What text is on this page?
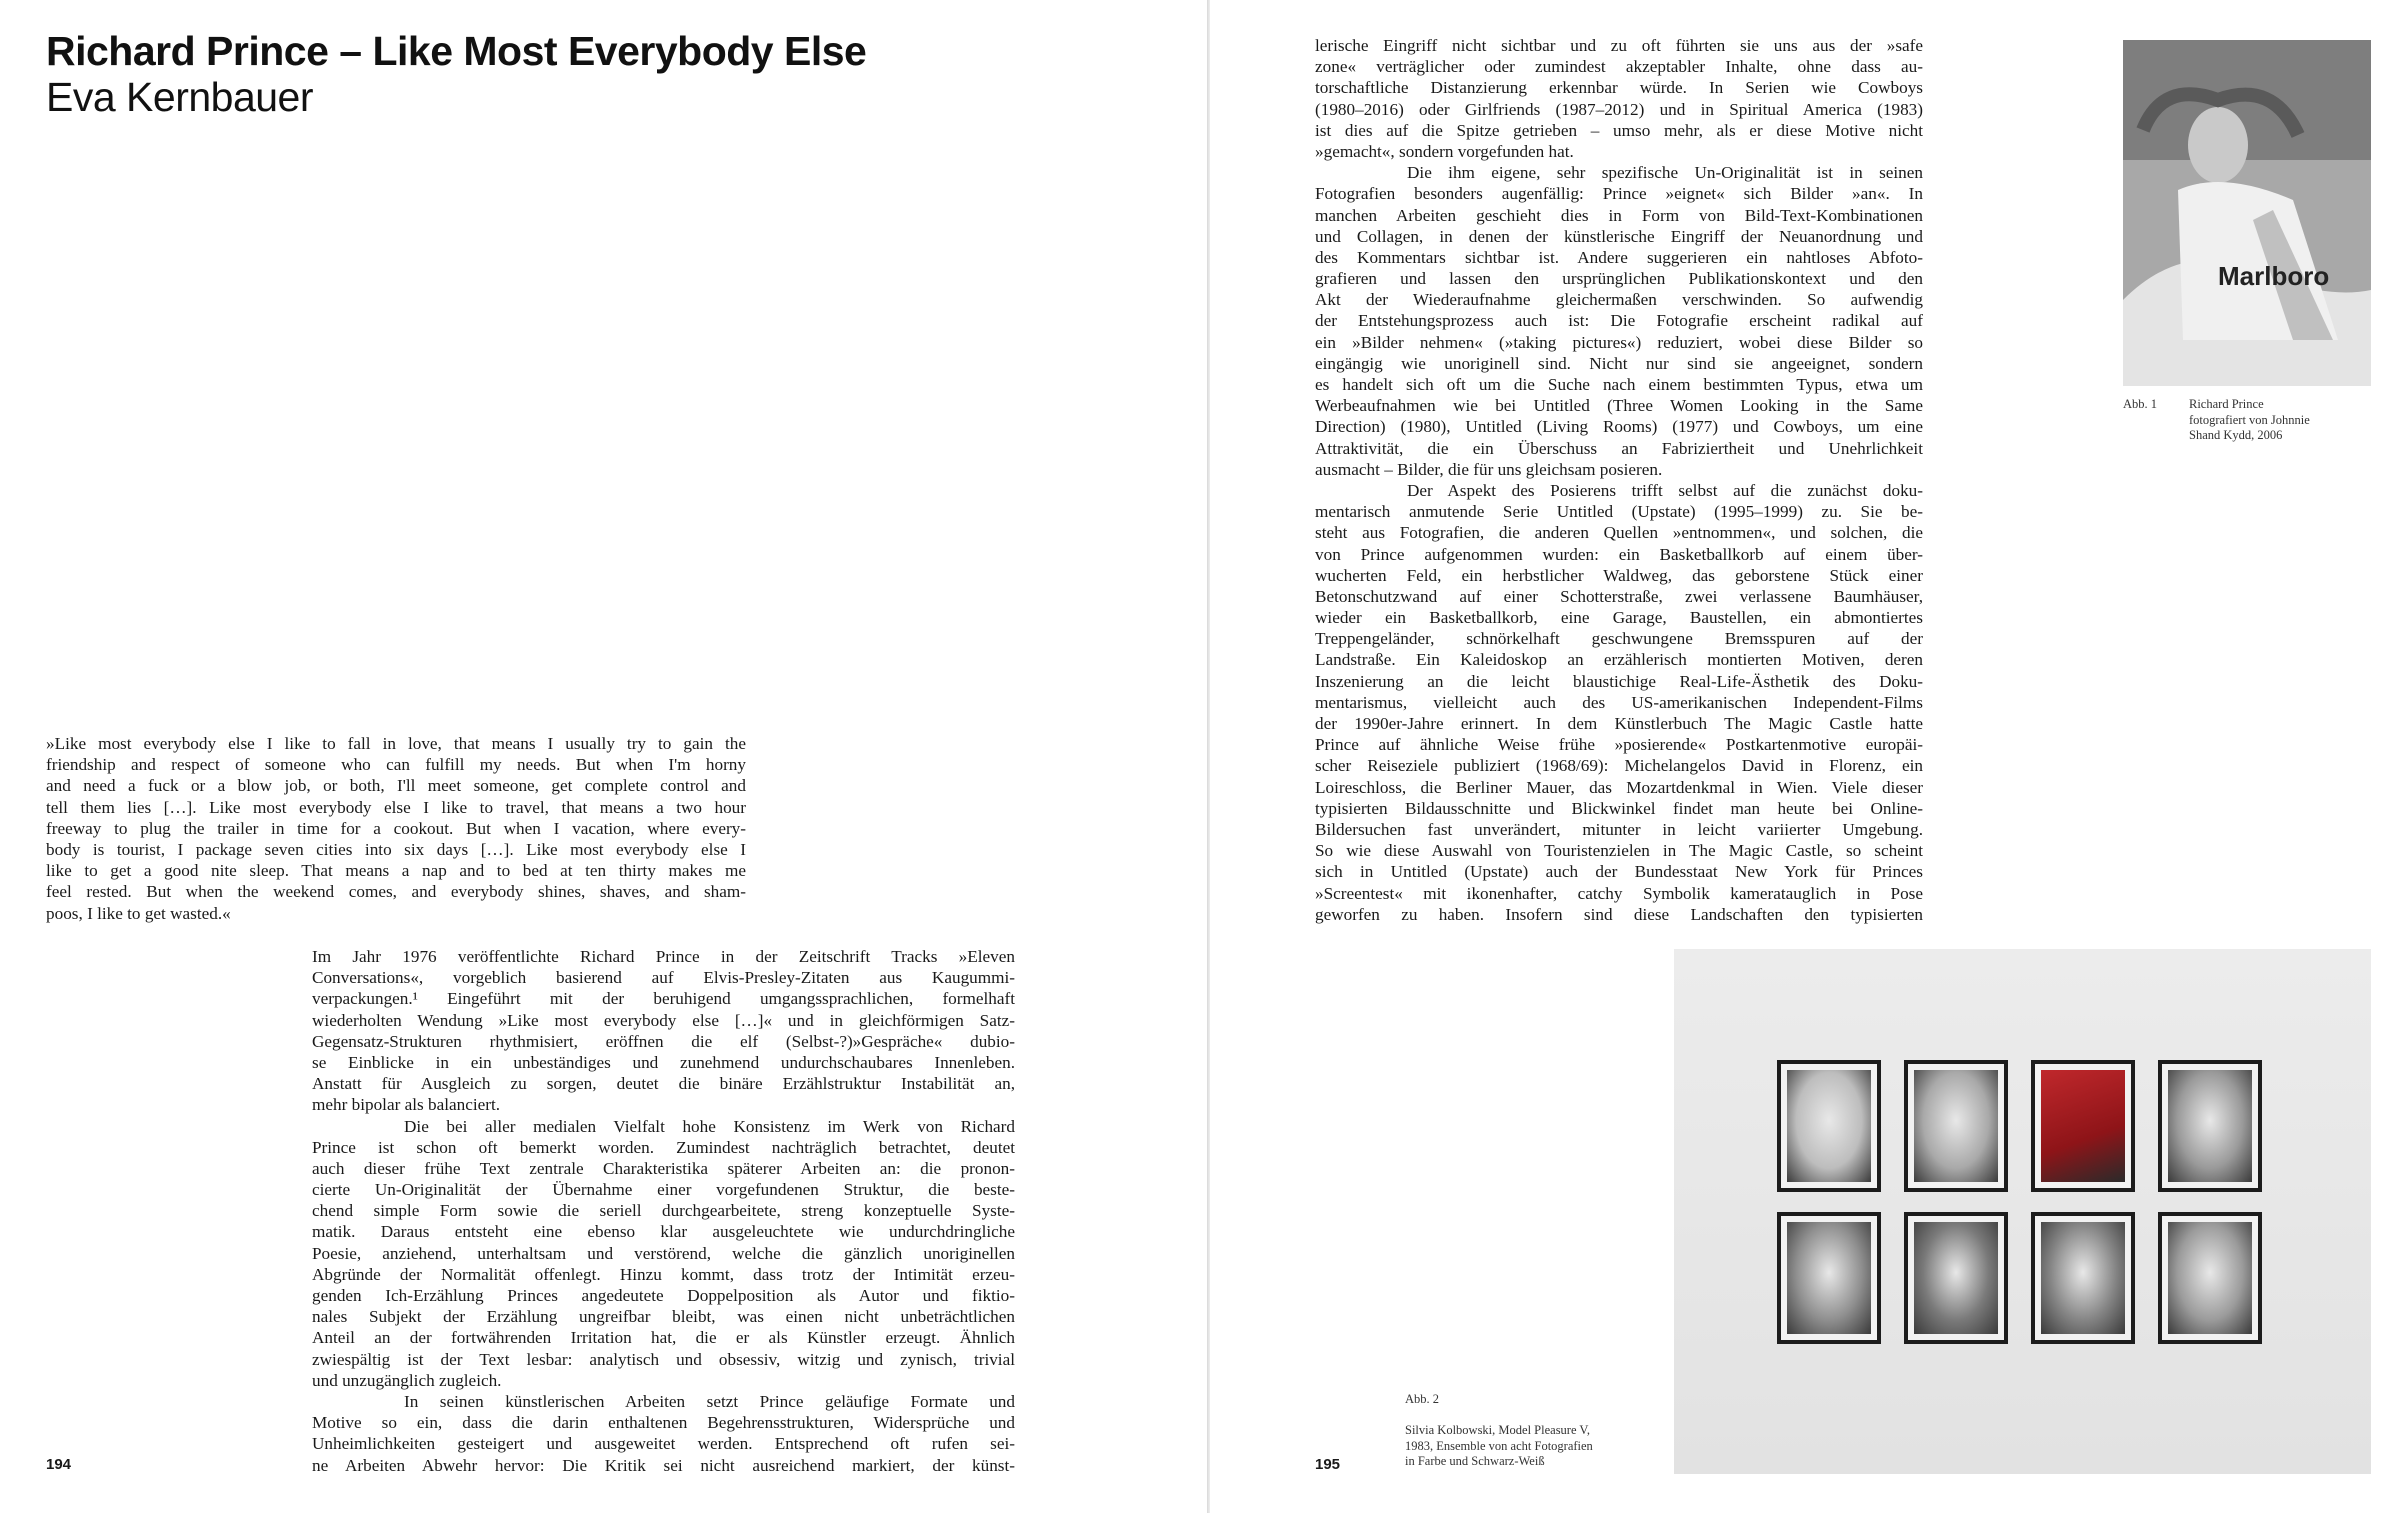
Richard Prince – Like Most Everybody Else
Eva Kernbauer
»Like most everybody else I like to fall in love, that means I usually try to gain the
friendship and respect of someone who can fulfill my needs. But when I'm horny
and need a fuck or a blow job, or both, I'll meet someone, get complete control and
tell them lies […]. Like most everybody else I like to travel, that means a two hour
freeway to plug the trailer in time for a cookout. But when I vacation, where every-
body is tourist, I package seven cities into six days […]. Like most everybody else I
like to get a good nite sleep. That means a nap and to bed at ten thirty makes me
feel rested. But when the weekend comes, and everybody shines, shaves, and sham-
poos, I like to get wasted.«
Im Jahr 1976 veröffentlichte Richard Prince in der Zeitschrift Tracks »Eleven
Conversations«, vorgeblich basierend auf Elvis-Presley-Zitaten aus Kaugummi-
verpackungen.¹ Eingeführt mit der beruhigend umgangssprachlichen, formelhaft
wiederholten Wendung »Like most everybody else […]« und in gleichförmigen Satz-
Gegensatz-Strukturen rhythmisiert, eröffnen die elf (Selbst-?)»Gespräche« dubio-
se Einblicke in ein unbeständiges und zunehmend undurchschaubares Innenleben.
Anstatt für Ausgleich zu sorgen, deutet die binäre Erzählstruktur Instabilität an,
mehr bipolar als balanciert.
Die bei aller medialen Vielfalt hohe Konsistenz im Werk von Richard
Prince ist schon oft bemerkt worden. Zumindest nachträglich betrachtet, deutet
auch dieser frühe Text zentrale Charakteristika späterer Arbeiten an: die pronon-
cierte Un-Originalität der Übernahme einer vorgefundenen Struktur, die beste-
chend simple Form sowie die seriell durchgearbeitete, streng konzeptuelle Syste-
matik. Daraus entsteht eine ebenso klar ausgeleuchtete wie undurchdringliche
Poesie, anziehend, unterhaltsam und verstörend, welche die gänzlich unoriginellen
Abgründe der Normalität offenlegt. Hinzu kommt, dass trotz der Intimität erzeu-
genden Ich-Erzählung Princes angedeutete Doppelposition als Autor und fiktio-
nales Subjekt der Erzählung ungreifbar bleibt, was einen nicht unbeträchtlichen
Anteil an der fortwährenden Irritation hat, die er als Künstler erzeugt. Ähnlich
zwiespältig ist der Text lesbar: analytisch und obsessiv, witzig und zynisch, trivial
und unzugänglich zugleich.
In seinen künstlerischen Arbeiten setzt Prince geläufige Formate und
Motive so ein, dass die darin enthaltenen Begehrensstrukturen, Widersprüche und
Unheimlichkeiten gesteigert und ausgeweitet werden. Entsprechend oft rufen sei-
ne Arbeiten Abwehr hervor: Die Kritik sei nicht ausreichend markiert, der künst-
194
lerische Eingriff nicht sichtbar und zu oft führten sie uns aus der »safe
zone« verträglicher oder zumindest akzeptabler Inhalte, ohne dass au-
torschaftliche Distanzierung erkennbar würde. In Serien wie Cowboys
(1980–2016) oder Girlfriends (1987–2012) und in Spiritual America (1983)
ist dies auf die Spitze getrieben – umso mehr, als er diese Motive nicht
»gemacht«, sondern vorgefunden hat.
Die ihm eigene, sehr spezifische Un-Originalität ist in seinen
Fotografien besonders augenfällig: Prince »eignet« sich Bilder »an«. In
manchen Arbeiten geschieht dies in Form von Bild-Text-Kombinationen
und Collagen, in denen der künstlerische Eingriff der Neuanordnung und
des Kommentars sichtbar ist. Andere suggerieren ein nahtloses Abfoto-
grafieren und lassen den ursprünglichen Publikationskontext und den
Akt der Wiederaufnahme gleichermaßen verschwinden. So aufwendig
der Entstehungsprozess auch ist: Die Fotografie erscheint radikal auf
ein »Bilder nehmen« (»taking pictures«) reduziert, wobei diese Bilder so
eingängig wie unoriginell sind. Nicht nur sind sie angeeignet, sondern
es handelt sich oft um die Suche nach einem bestimmten Typus, etwa um
Werbeaufnahmen wie bei Untitled (Three Women Looking in the Same
Direction) (1980), Untitled (Living Rooms) (1977) und Cowboys, um eine
Attraktivität, die ein Überschuss an Fabriziertheit und Unehrlichkeit
ausmacht – Bilder, die für uns gleichsam posieren.
Der Aspekt des Posierens trifft selbst auf die zunächst doku-
mentarisch anmutende Serie Untitled (Upstate) (1995–1999) zu. Sie be-
steht aus Fotografien, die anderen Quellen »entnommen«, und solchen, die
von Prince aufgenommen wurden: ein Basketballkorb auf einem über-
wucherten Feld, ein herbstlicher Waldweg, das geborstene Stück einer
Betonschutzwand auf einer Schotterstraße, zwei verlassene Baumhäuser,
wieder ein Basketballkorb, eine Garage, Baustellen, ein abmontiertes
Treppengeländer, schnörkelhaft geschwungene Bremsspuren auf der
Landstraße. Ein Kaleidoskop an erzählerisch montierten Motiven, deren
Inszenierung an die leicht blaustichige Real-Life-Ästhetik des Doku-
mentarismus, vielleicht auch des US-amerikanischen Independent-Films
der 1990er-Jahre erinnert. In dem Künstlerbuch The Magic Castle hatte
Prince auf ähnliche Weise frühe »posierende« Postkartenmotive europäi-
scher Reiseziele publiziert (1968/69): Michelangelos David in Florenz, ein
Loireschloss, die Berliner Mauer, das Mozartdenkmal in Wien. Viele dieser
typisierten Bildausschnitte und Blickwinkel findet man heute bei Online-
Bildersuchen fast unverändert, mitunter in leicht variierter Umgebung.
So wie diese Auswahl von Touristenzielen in The Magic Castle, so scheint
sich in Untitled (Upstate) auch der Bundesstaat New York für Princes
»Screentest« mit ikonenhafter, catchy Symbolik kameratauglich in Pose
geworfen zu haben. Insofern sind diese Landschaften den typisierten
Marlboro
Abb. 1	Richard Prince
fotografiert von Johnnie
Shand Kydd, 2006
Abb. 2
Silvia Kolbowski, Model Pleasure V,
1983, Ensemble von acht Fotografien
in Farbe und Schwarz-Weiß
195
